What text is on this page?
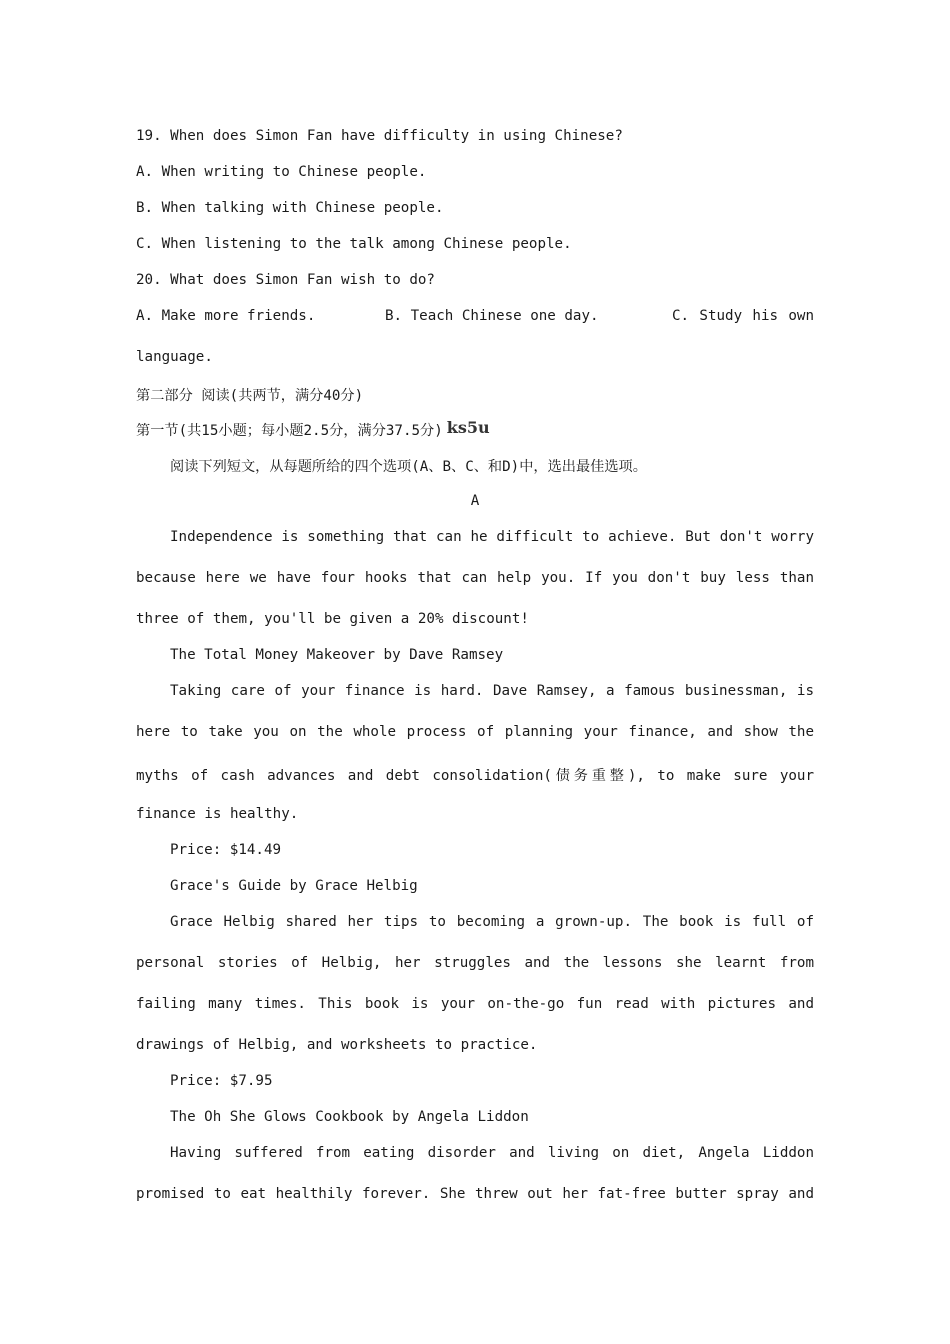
19. When does Simon Fan have difficulty in using Chinese?
A. When writing to Chinese people.
B. When talking with Chinese people.
C. When listening to the talk among Chinese people.
20. What does Simon Fan wish to do?
A. Make more friends.	B. Teach Chinese one day.	C. Study his own
language.
第二部分 阅读(共两节，满分40分)
第一节(共15小题；每小题2.5分，满分37.5分) ks5u
阅读下列短文，从每题所给的四个选项(A、B、C、和D)中，选出最佳选项。
A
Independence is something that can he difficult to achieve. But don't worry
because here we have four hooks that can help you. If you don't buy less than
three of them, you'll be given a 20% discount!
The Total Money Makeover by Dave Ramsey
Taking care of your finance is hard. Dave Ramsey, a famous businessman, is
here to take you on the whole process of planning your finance, and show the
myths of cash advances and debt consolidation(债务重整), to make sure your
finance is healthy.
Price: $14.49
Grace's Guide by Grace Helbig
Grace Helbig shared her tips to becoming a grown-up. The book is full of
personal stories of Helbig, her struggles and the lessons she learnt from
failing many times. This book is your on-the-go fun read with pictures and
drawings of Helbig, and worksheets to practice.
Price: $7.95
The Oh She Glows Cookbook by Angela Liddon
Having suffered from eating disorder and living on diet, Angela Liddon
promised to eat healthily forever. She threw out her fat-free butter spray and
